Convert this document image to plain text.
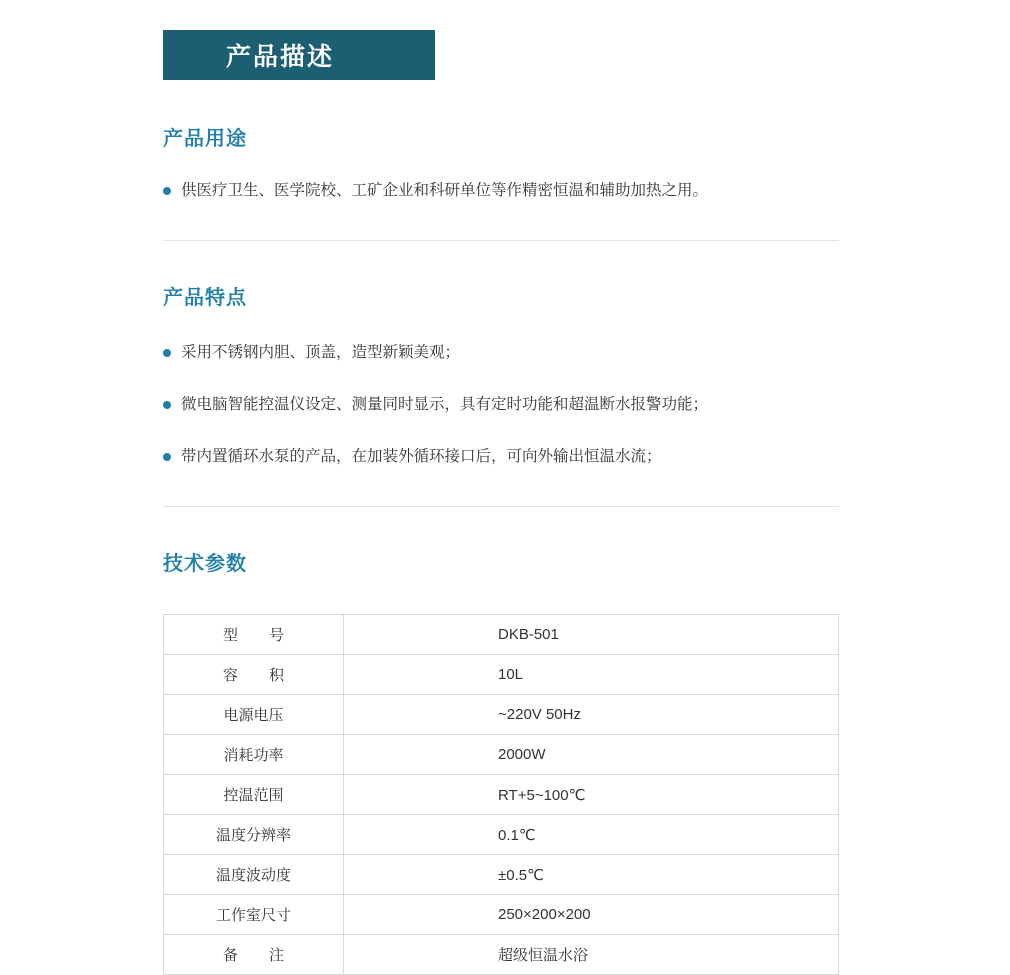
产品描述
产品用途
供医疗卫生、医学院校、工矿企业和科研单位等作精密恒温和辅助加热之用。
产品特点
采用不锈钢内胆、顶盖，造型新颖美观；
微电脑智能控温仪设定、测量同时显示，具有定时功能和超温断水报警功能；
带内置循环水泵的产品，在加装外循环接口后，可向外输出恒温水流；
技术参数
型　号	DKB-501
容　积	10L
电源电压	~220V 50Hz
消耗功率	2000W
控温范围	RT+5~100℃
温度分辨率	0.1℃
温度波动度	±0.5℃
工作室尺寸	250×200×200
备　注	超级恒温水浴
